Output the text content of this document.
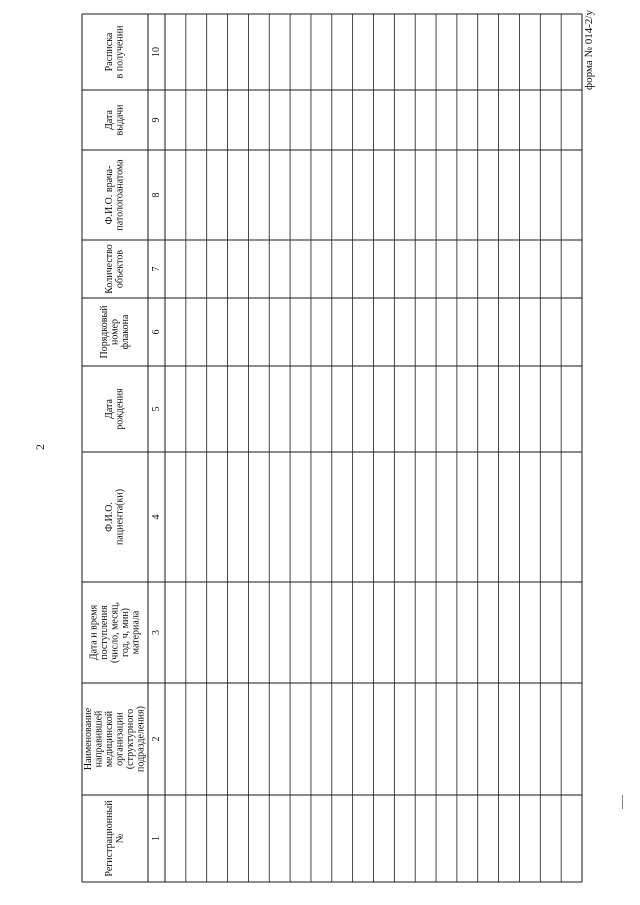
2
форма № 014-2/у
Регистрационный №	1
Наименование направившей медицинской организации (структурного подразделения) 2
Дата и время поступления (число, месяц, год, ч, мин) материала 3
Ф.И.О. пациента(ки)	4
Дата рождения	5
Порядковый номер флакона 6
Количество объектов	7
Ф.И.О. врача- патологоанатома	8
Дата выдачи	9
Расписка в получении	10
